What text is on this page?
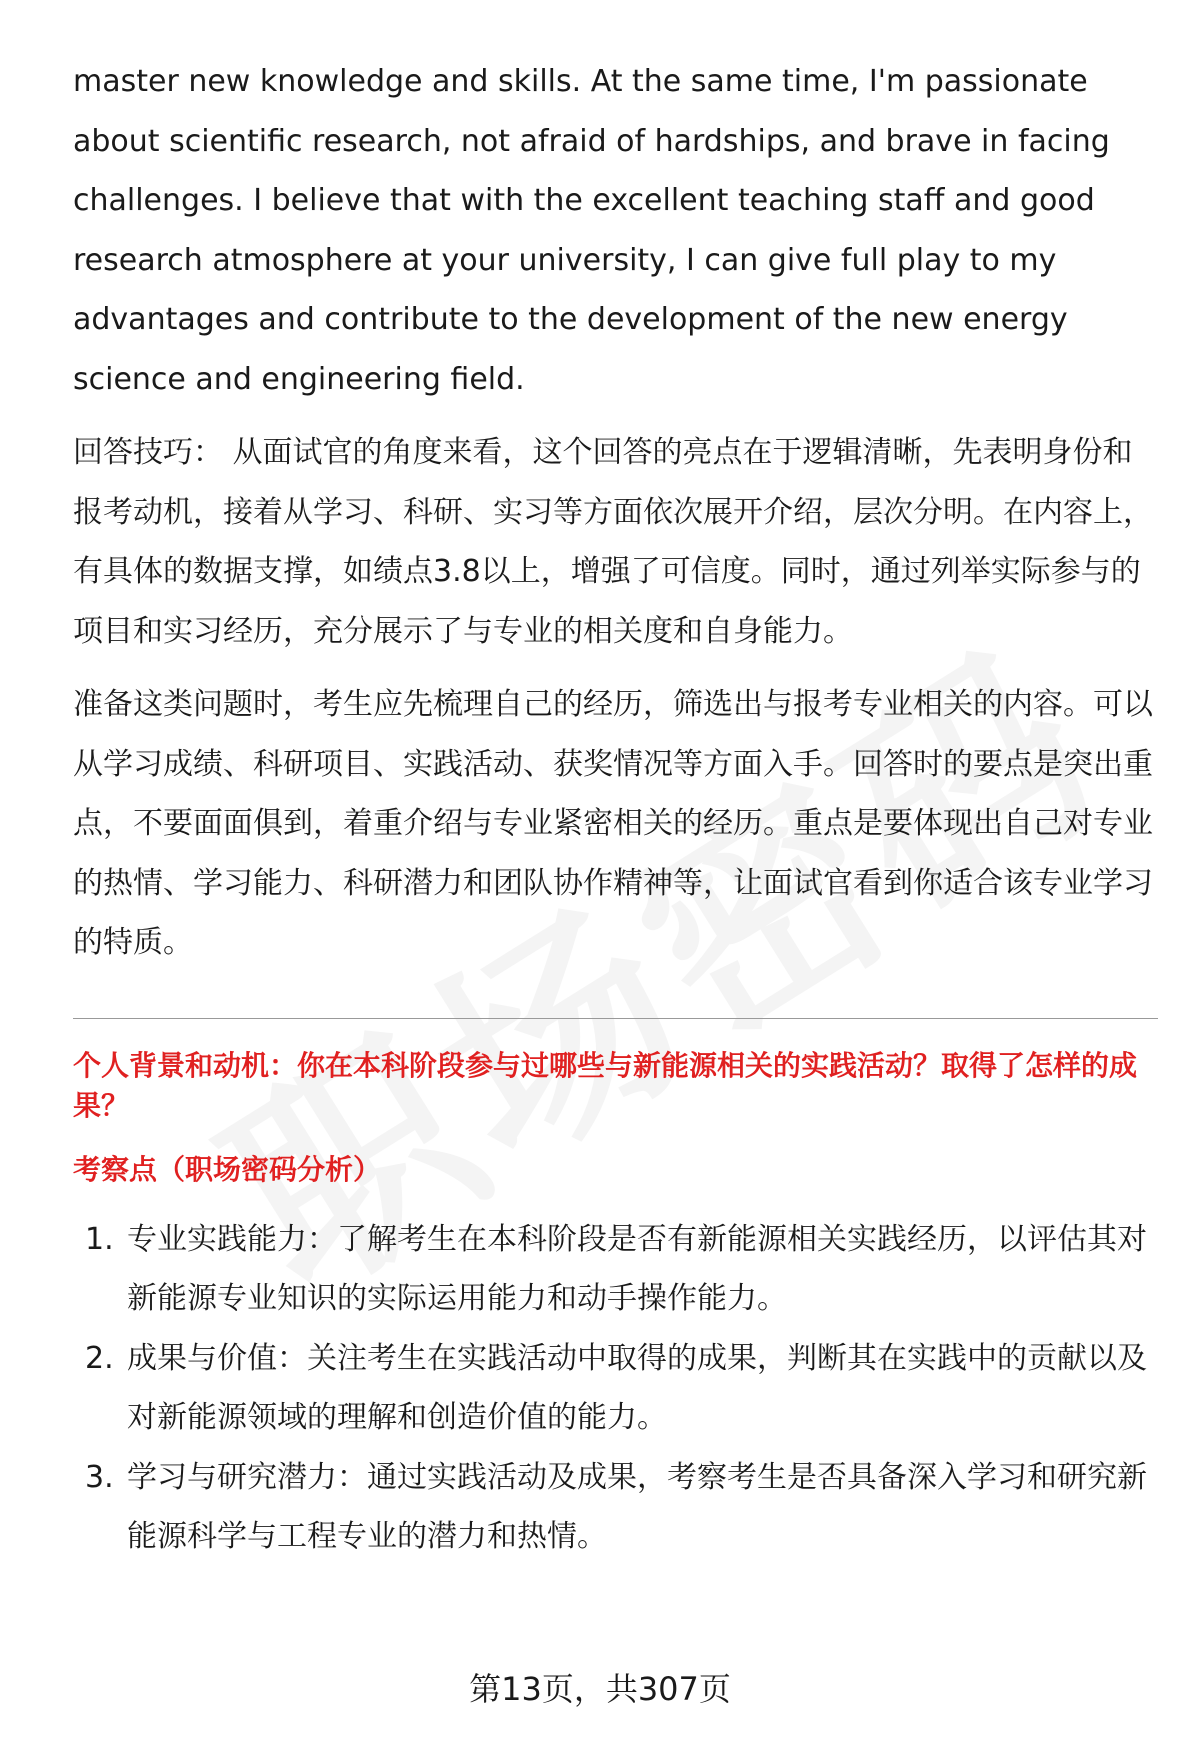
master new knowledge and skills. At the same time, I'm passionate about scientific research, not afraid of hardships, and brave in facing challenges. I believe that with the excellent teaching staff and good research atmosphere at your university, I can give full play to my advantages and contribute to the development of the new energy science and engineering field.

回答技巧： 从面试官的角度来看，这个回答的亮点在于逻辑清晰，先表明身份和报考动机，接着从学习、科研、实习等方面依次展开介绍，层次分明。在内容上，有具体的数据支撑，如绩点3.8以上，增强了可信度。同时，通过列举实际参与的项目和实习经历，充分展示了与专业的相关度和自身能力。

准备这类问题时，考生应先梳理自己的经历，筛选出与报考专业相关的内容。可以从学习成绩、科研项目、实践活动、获奖情况等方面入手。回答时的要点是突出重点，不要面面俱到，着重介绍与专业紧密相关的经历。重点是要体现出自己对专业的热情、学习能力、科研潜力和团队协作精神等，让面试官看到你适合该专业学习的特质。

个人背景和动机：你在本科阶段参与过哪些与新能源相关的实践活动？取得了怎样的成果？
考察点（职场密码分析）
1. 专业实践能力：了解考生在本科阶段是否有新能源相关实践经历，以评估其对新能源专业知识的实际运用能力和动手操作能力。
2. 成果与价值：关注考生在实践活动中取得的成果，判断其在实践中的贡献以及对新能源领域的理解和创造价值的能力。
3. 学习与研究潜力：通过实践活动及成果，考察考生是否具备深入学习和研究新能源科学与工程专业的潜力和热情。
第13页，共307页
